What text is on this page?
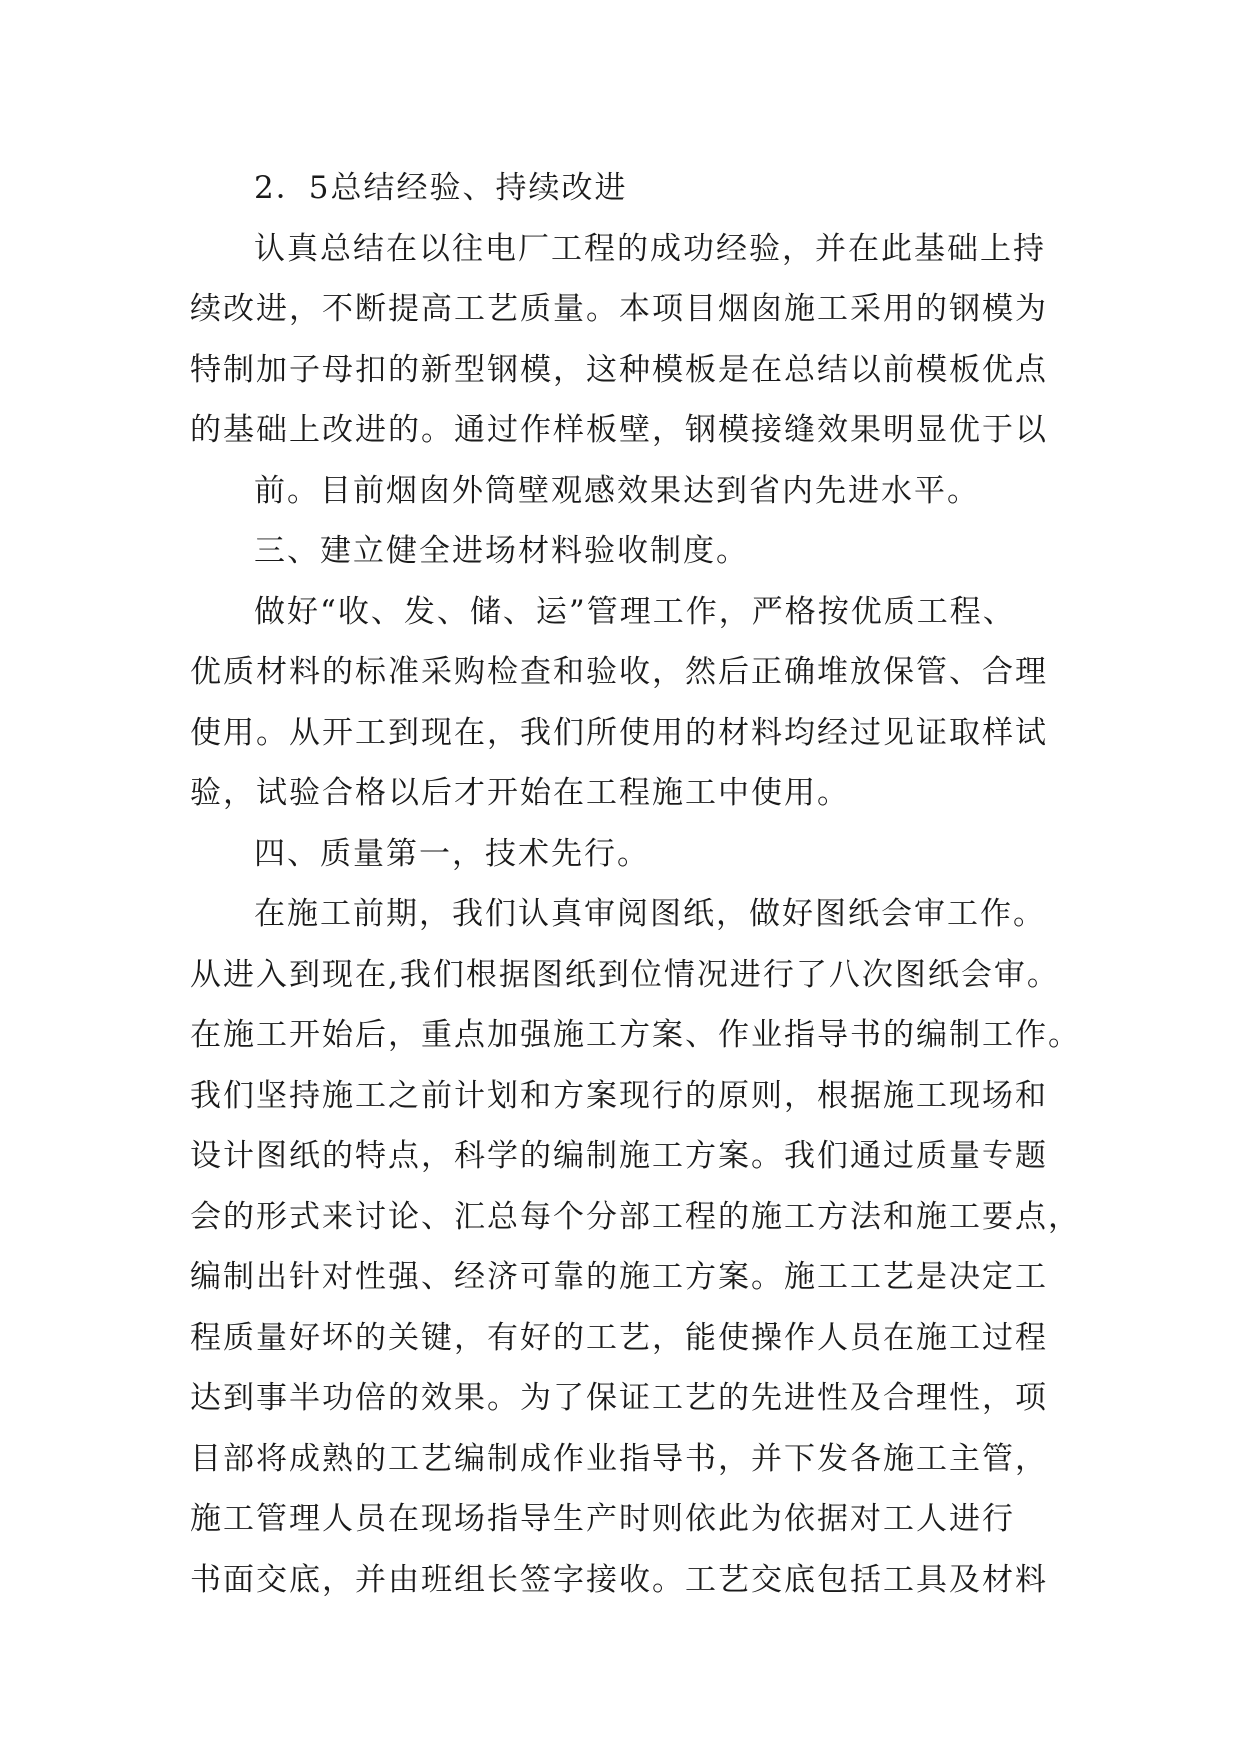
2．5总结经验、持续改进
认真总结在以往电厂工程的成功经验，并在此基础上持
续改进，不断提高工艺质量。本项目烟囱施工采用的钢模为
特制加子母扣的新型钢模，这种模板是在总结以前模板优点
的基础上改进的。通过作样板壁，钢模接缝效果明显优于以
前。目前烟囱外筒壁观感效果达到省内先进水平。
三、建立健全进场材料验收制度。
做好“收、发、储、运”管理工作，严格按优质工程、
优质材料的标准采购检查和验收，然后正确堆放保管、合理
使用。从开工到现在，我们所使用的材料均经过见证取样试
验，试验合格以后才开始在工程施工中使用。
四、质量第一，技术先行。
在施工前期，我们认真审阅图纸，做好图纸会审工作。
从进入到现在,我们根据图纸到位情况进行了八次图纸会审。
在施工开始后，重点加强施工方案、作业指导书的编制工作。
我们坚持施工之前计划和方案现行的原则，根据施工现场和
设计图纸的特点，科学的编制施工方案。我们通过质量专题
会的形式来讨论、汇总每个分部工程的施工方法和施工要点，
编制出针对性强、经济可靠的施工方案。施工工艺是决定工
程质量好坏的关键，有好的工艺，能使操作人员在施工过程
达到事半功倍的效果。为了保证工艺的先进性及合理性，项
目部将成熟的工艺编制成作业指导书，并下发各施工主管，
施工管理人员在现场指导生产时则依此为依据对工人进行
书面交底，并由班组长签字接收。工艺交底包括工具及材料
